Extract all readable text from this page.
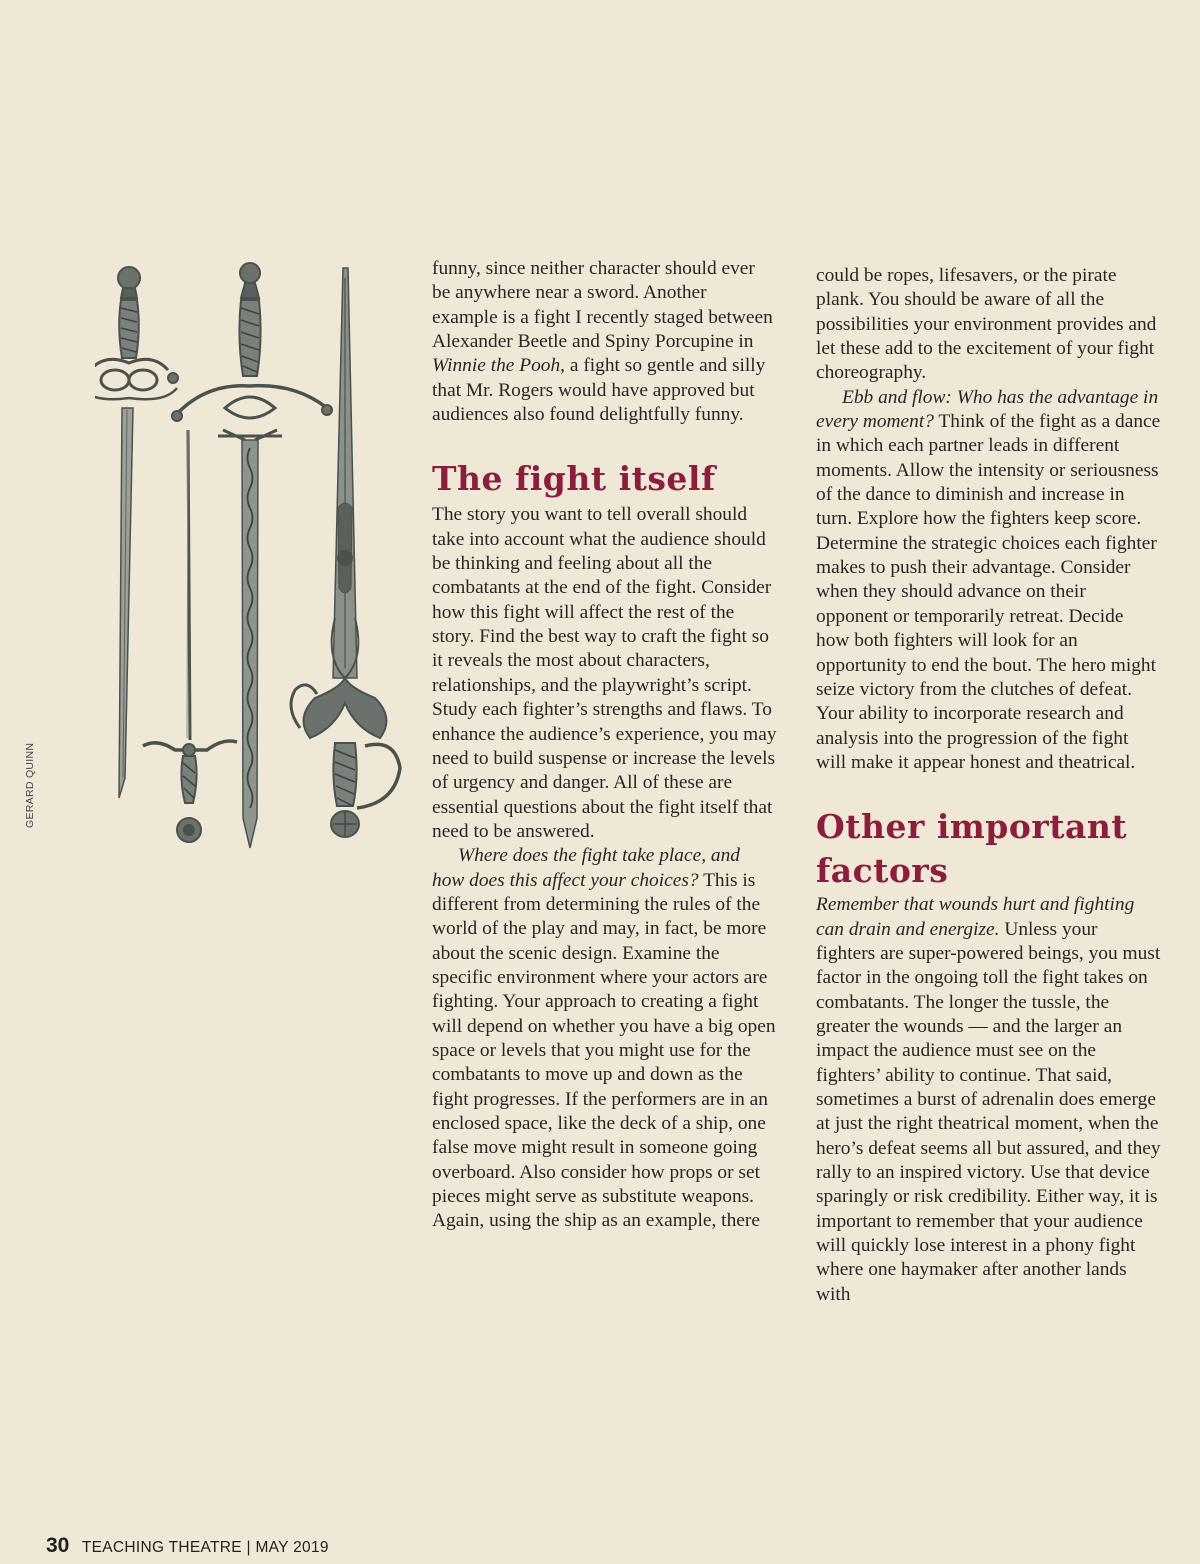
GERARD QUINN

funny, since neither character should ever be anywhere near a sword. Another example is a fight I recently staged between Alexander Beetle and Spiny Porcupine in Winnie the Pooh, a fight so gentle and silly that Mr. Rogers would have approved but audiences also found delightfully funny.

The fight itself

The story you want to tell overall should take into account what the audience should be thinking and feeling about all the combatants at the end of the fight. Consider how this fight will affect the rest of the story. Find the best way to craft the fight so it reveals the most about characters, relationships, and the playwright’s script. Study each fighter’s strengths and flaws. To enhance the audience’s experience, you may need to build suspense or increase the levels of urgency and danger. All of these are essential questions about the fight itself that need to be answered.

Where does the fight take place, and how does this affect your choices? This is different from determining the rules of the world of the play and may, in fact, be more about the scenic design. Examine the specific environment where your actors are fighting. Your approach to creating a fight will depend on whether you have a big open space or levels that you might use for the combatants to move up and down as the fight progresses. If the performers are in an enclosed space, like the deck of a ship, one false move might result in someone going overboard. Also consider how props or set pieces might serve as substitute weapons. Again, using the ship as an example, there

could be ropes, lifesavers, or the pirate plank. You should be aware of all the possibilities your environment provides and let these add to the excitement of your fight choreography.

Ebb and flow: Who has the advantage in every moment? Think of the fight as a dance in which each partner leads in different moments. Allow the intensity or seriousness of the dance to diminish and increase in turn. Explore how the fighters keep score. Determine the strategic choices each fighter makes to push their advantage. Consider when they should advance on their opponent or temporarily retreat. Decide how both fighters will look for an opportunity to end the bout. The hero might seize victory from the clutches of defeat. Your ability to incorporate research and analysis into the progression of the fight will make it appear honest and theatrical.

Other important factors

Remember that wounds hurt and fighting can drain and energize. Unless your fighters are super-powered beings, you must factor in the ongoing toll the fight takes on combatants. The longer the tussle, the greater the wounds — and the larger an impact the audience must see on the fighters’ ability to continue. That said, sometimes a burst of adrenalin does emerge at just the right theatrical moment, when the hero’s defeat seems all but assured, and they rally to an inspired victory. Use that device sparingly or risk credibility. Either way, it is important to remember that your audience will quickly lose interest in a phony fight where one haymaker after another lands with

30 TEACHING THEATRE | MAY 2019
